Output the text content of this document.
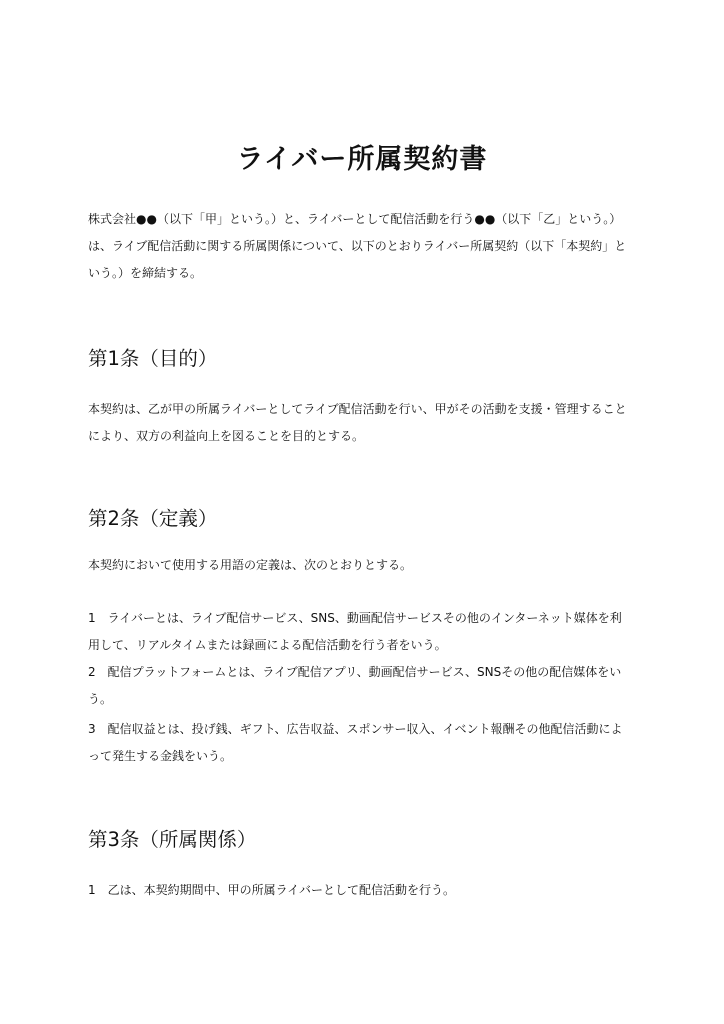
ライバー所属契約書

株式会社●●（以下「甲」という。）と、ライバーとして配信活動を行う●●（以下「乙」という。）
は、ライブ配信活動に関する所属関係について、以下のとおりライバー所属契約（以下「本契約」と
いう。）を締結する。

第1条（目的）

本契約は、乙が甲の所属ライバーとしてライブ配信活動を行い、甲がその活動を支援・管理すること
により、双方の利益向上を図ることを目的とする。

第2条（定義）

本契約において使用する用語の定義は、次のとおりとする。

1　ライバーとは、ライブ配信サービス、SNS、動画配信サービスその他のインターネット媒体を利
用して、リアルタイムまたは録画による配信活動を行う者をいう。

2　配信プラットフォームとは、ライブ配信アプリ、動画配信サービス、SNSその他の配信媒体をい
う。

3　配信収益とは、投げ銭、ギフト、広告収益、スポンサー収入、イベント報酬その他配信活動によ
って発生する金銭をいう。

第3条（所属関係）

1　乙は、本契約期間中、甲の所属ライバーとして配信活動を行う。
